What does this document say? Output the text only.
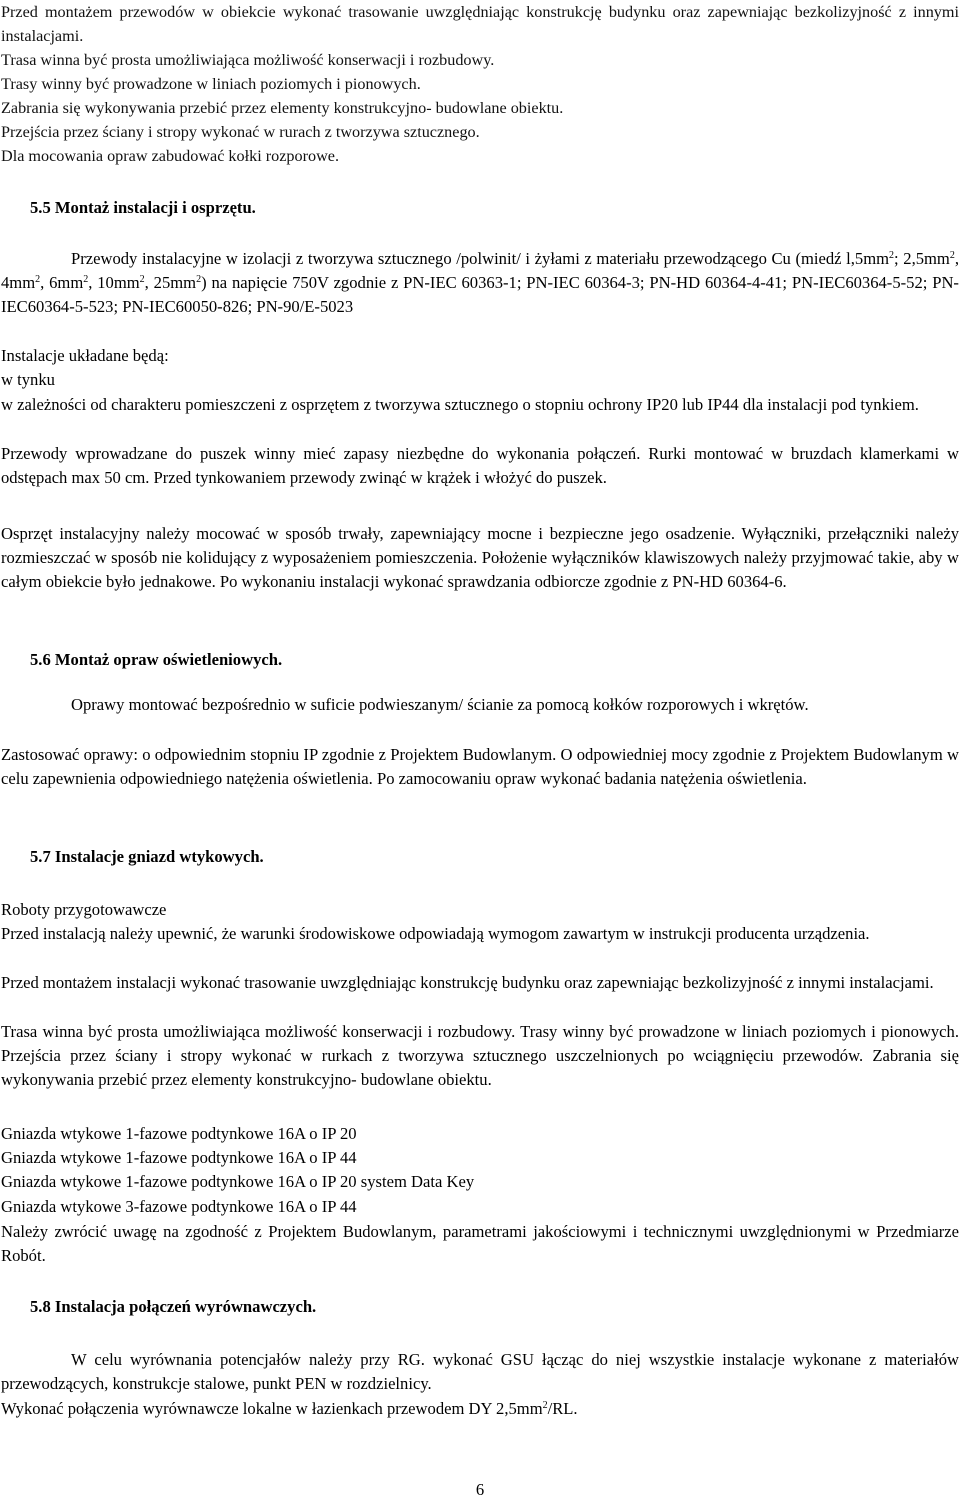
Przed montażem przewodów w obiekcie wykonać trasowanie uwzględniając konstrukcję budynku oraz zapewniając bezkolizyjność z innymi instalacjami.

Trasa winna być prosta umożliwiająca możliwość konserwacji i rozbudowy.

Trasy winny być prowadzone w liniach poziomych i pionowych.

Zabrania się wykonywania przebić przez elementy konstrukcyjno- budowlane obiektu.

Przejścia przez ściany i stropy wykonać w rurach z tworzywa sztucznego.

Dla mocowania opraw zabudować kołki rozporowe.

5.5 Montaż instalacji i osprzętu.

Przewody instalacyjne w izolacji z tworzywa sztucznego /polwinit/ i żyłami z materiału przewodzącego Cu (miedź $l,5mm^2$; $2,5mm^2$, $4mm^2$, $6mm^2$, $10mm^2$, $25mm^2$) na napięcie 750V zgodnie z PN-IEC 60363-1; PN-IEC 60364-3; PN-HD 60364-4-41; PN-IEC60364-5-52; PN-IEC60364-5-523; PN-IEC60050-826; PN-90/E-5023

Instalacje układane będą:

w tynku

w zależności od charakteru pomieszczeni z osprzętem z tworzywa sztucznego o stopniu ochrony IP20 lub IP44 dla instalacji pod tynkiem.

Przewody wprowadzane do puszek winny mieć zapasy niezbędne do wykonania połączeń. Rurki montować w bruzdach klamerkami w odstępach max 50 cm. Przed tynkowaniem przewody zwinąć w krążek i włożyć do puszek.

Osprzęt instalacyjny należy mocować w sposób trwały, zapewniający mocne i bezpieczne jego osadzenie. Wyłączniki, przełączniki należy rozmieszczać w sposób nie kolidujący z wyposażeniem pomieszczenia. Położenie wyłączników klawiszowych należy przyjmować takie, aby w całym obiekcie było jednakowe. Po wykonaniu instalacji wykonać sprawdzania odbiorcze zgodnie z PN-HD 60364-6.

5.6 Montaż opraw oświetleniowych.

Oprawy montować bezpośrednio w suficie podwieszanym/ ścianie za pomocą kołków rozporowych i wkrętów.

Zastosować oprawy: o odpowiednim stopniu IP zgodnie z Projektem Budowlanym. O odpowiedniej mocy zgodnie z Projektem Budowlanym w celu zapewnienia odpowiedniego natężenia oświetlenia. Po zamocowaniu opraw wykonać badania natężenia oświetlenia.

5.7 Instalacje gniazd wtykowych.

Roboty przygotowawcze

Przed instalacją należy upewnić, że warunki środowiskowe odpowiadają wymogom zawartym w instrukcji producenta urządzenia.

Przed montażem instalacji wykonać trasowanie uwzględniając konstrukcję budynku oraz zapewniając bezkolizyjność z innymi instalacjami.

Trasa winna być prosta umożliwiająca możliwość konserwacji i rozbudowy. Trasy winny być prowadzone w liniach poziomych i pionowych. Przejścia przez ściany i stropy wykonać w rurkach z tworzywa sztucznego uszczelnionych po wciągnięciu przewodów. Zabrania się wykonywania przebić przez elementy konstrukcyjno- budowlane obiektu.

Gniazda wtykowe 1-fazowe podtynkowe 16A o IP 20

Gniazda wtykowe 1-fazowe podtynkowe 16A o IP 44

Gniazda wtykowe 1-fazowe podtynkowe 16A o IP 20 system Data Key

Gniazda wtykowe 3-fazowe podtynkowe 16A o IP 44

Należy zwrócić uwagę na zgodność z Projektem Budowlanym, parametrami jakościowymi i technicznymi uwzględnionymi w Przedmiarze Robót.

5.8 Instalacja połączeń wyrównawczych.

W celu wyrównania potencjałów należy przy RG. wykonać GSU łącząc do niej wszystkie instalacje wykonane z materiałów przewodzących, konstrukcje stalowe, punkt PEN w rozdzielnicy.

Wykonać połączenia wyrównawcze lokalne w łazienkach przewodem DY $2,5mm^2/RL$.

6
